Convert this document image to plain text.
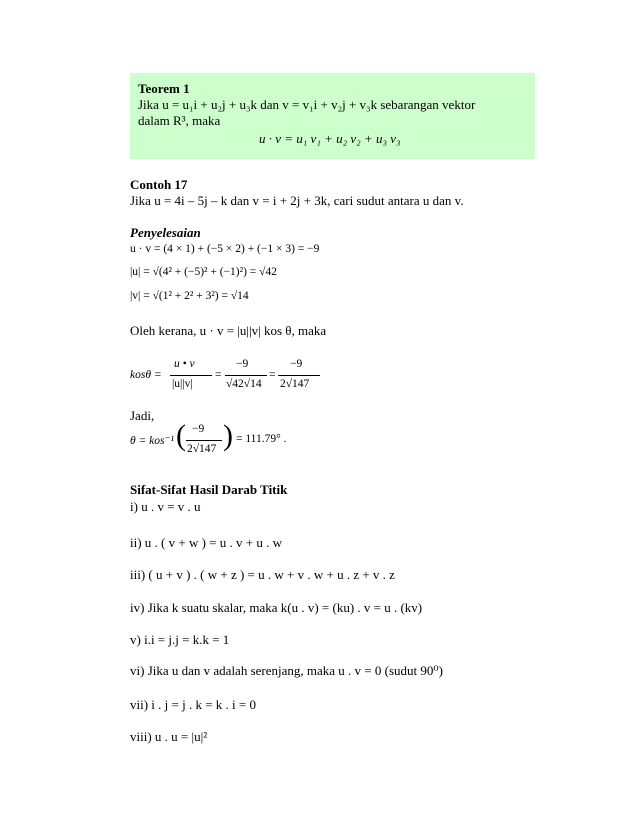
Teorem 1
Jika u = u₁i + u₂j + u₃k dan v = v₁i + v₂j + v₃k sebarangan vektor
dalam R³, maka
u · v = u₁ v₁ + u₂ v₂ + u₃ v₃
Contoh 17
Jika u = 4i – 5j – k dan v = i + 2j + 3k, cari sudut antara u dan v.
Penyelesaian
u · v = (4 × 1) + (−5 × 2) + (−1 × 3) = −9
|u| = √(4² + (−5)² + (−1)²) = √42
|v| = √(1² + 2² + 3²) = √14
Oleh kerana, u · v = |u||v| kos θ, maka
kosθ =
u • v
|u||v|
=
−9
√42√14
=
−9
2√147
Jadi,
θ = kos⁻¹ ( −9
2√147 ) = 111.79° .
Sifat-Sifat Hasil Darab Titik
i) u . v = v . u
ii) u . ( v + w ) = u . v + u . w
iii) ( u + v ) . ( w + z ) = u . w + v . w + u . z + v . z
iv) Jika k suatu skalar, maka k(u . v) = (ku) . v = u . (kv)
v) i.i = j.j = k.k = 1
vi) Jika u dan v adalah serenjang, maka u . v = 0 (sudut 90⁰)
vii) i . j = j . k = k . i = 0
viii) u . u = |u|²
